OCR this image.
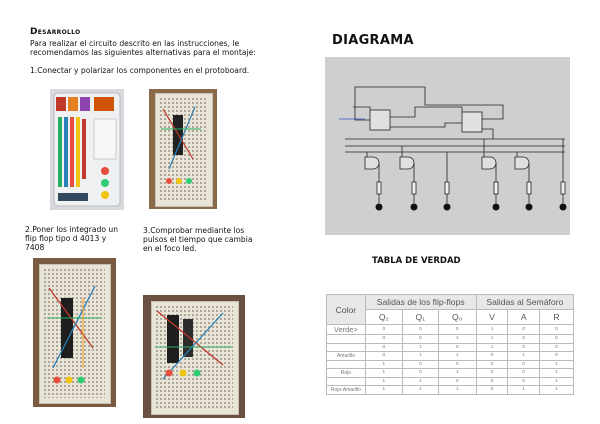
Desarrollo
Para realizar el circuito descrito en las instrucciones, le recomendamos las siguientes alternativas para el montaje:
1.Conectar y polarizar los componentes en el protoboard.
2.Poner los integrado un flip flop tipo d 4013 y 7408
3.Comprobar mediante los pulsos el tiempo que cambia en el foco led.
DIAGRAMA
TABLA DE VERDAD
Color	Salidas de los flip-flops			Salidas al Semáforo		
	Q₂	Q₁	Q₀	V	A	R
Verde>	0	0	0	1	0	0
	0	0	1	1	0	0
	0	1	0	1	0	0
Amarillo	0	1	1	0	1	0
	1	0	0	0	0	1
Rojo	1	0	1	0	0	1
	1	1	0	0	0	1
Rojo-Amarillo	1	1	1	0	1	1
